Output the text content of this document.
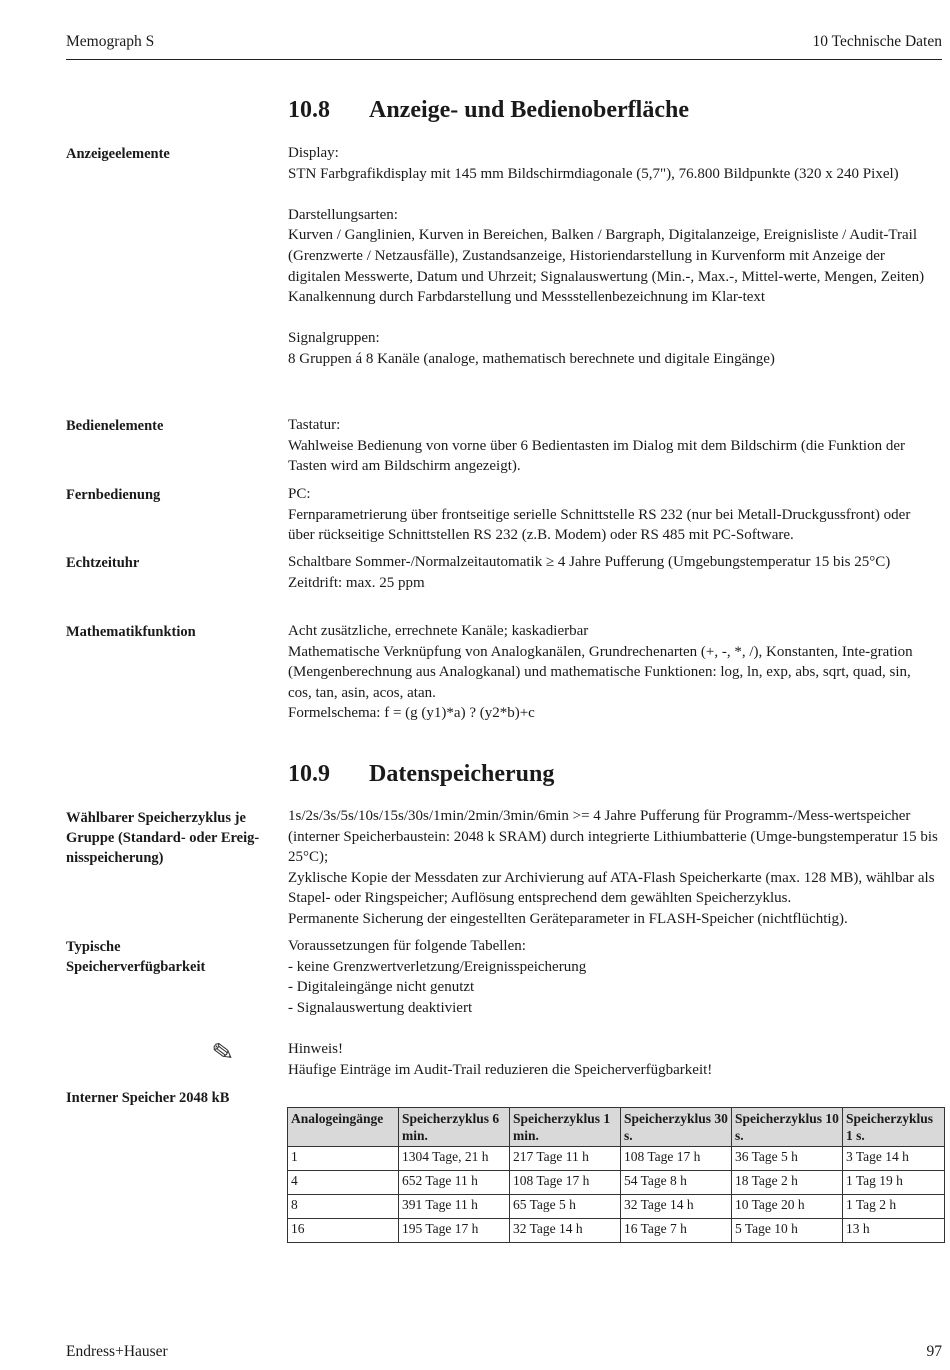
Memograph S	10 Technische Daten
10.8 Anzeige- und Bedienoberfläche
Anzeigeelemente	Display:

STN Farbgrafikdisplay mit 145 mm Bildschirmdiagonale (5,7"), 76.800 Bildpunkte (320 x 240 Pixel)

Darstellungsarten:

Kurven / Ganglinien, Kurven in Bereichen, Balken / Bargraph, Digitalanzeige, Ereignisliste / Audit-Trail (Grenzwerte / Netzausfälle), Zustandsanzeige, Historiendarstellung in Kurvenform mit Anzeige der digitalen Messwerte, Datum und Uhrzeit; Signalauswertung (Min.-, Max.-, Mittel-werte, Mengen, Zeiten) Kanalkennung durch Farbdarstellung und Messstellenbezeichnung im Klar-text

Signalgruppen:

8 Gruppen á 8 Kanäle (analoge, mathematisch berechnete und digitale Eingänge)

Bedienelemente	Tastatur:

Wahlweise Bedienung von vorne über 6 Bedientasten im Dialog mit dem Bildschirm (die Funktion der Tasten wird am Bildschirm angezeigt).

Fernbedienung	PC:

Fernparametrierung über frontseitige serielle Schnittstelle RS 232 (nur bei Metall-Druckgussfront) oder über rückseitige Schnittstellen RS 232 (z.B. Modem) oder RS 485 mit PC-Software.

Echtzeituhr	Schaltbare Sommer-/Normalzeitautomatik ≥ 4 Jahre Pufferung (Umgebungstemperatur 15 bis 25°C)

Zeitdrift: max. 25 ppm

Mathematikfunktion	Acht zusätzliche, errechnete Kanäle; kaskadierbar

Mathematische Verknüpfung von Analogkanälen, Grundrechenarten (+, -, *, /), Konstanten, Inte-gration (Mengenberechnung aus Analogkanal) und mathematische Funktionen: log, ln, exp, abs, sqrt, quad, sin, cos, tan, asin, acos, atan.

Formelschema: f = (g (y1)*a) ? (y2*b)+c

10.9 Datenspeicherung
Wählbarer Speicherzyklus je Gruppe (Standard- oder Ereig-nisspeicherung)

1s/2s/3s/5s/10s/15s/30s/1min/2min/3min/6min >= 4 Jahre Pufferung für Programm-/Mess-wertspeicher (interner Speicherbaustein: 2048 k SRAM) durch integrierte Lithiumbatterie (Umge-bungstemperatur 15 bis 25°C);

Zyklische Kopie der Messdaten zur Archivierung auf ATA-Flash Speicherkarte (max. 128 MB), wählbar als Stapel- oder Ringspeicher; Auflösung entsprechend dem gewählten Speicherzyklus.

Permanente Sicherung der eingestellten Geräteparameter in FLASH-Speicher (nichtflüchtig).

Typische Speicherverfügbarkeit

Voraussetzungen für folgende Tabellen:

- keine Grenzwertverletzung/Ereignisspeicherung

- Digitaleingänge nicht genutzt

- Signalauswertung deaktiviert

✎	Hinweis!

Häufige Einträge im Audit-Trail reduzieren die Speicherverfügbarkeit!

Interner Speicher 2048 kB
Analogeingänge	Speicherzyklus 6 min.	Speicherzyklus 1 min.	Speicherzyklus 30 s.	Speicherzyklus 10 s.	Speicherzyklus 1 s.
1	1304 Tage, 21 h	217 Tage 11 h	108 Tage 17 h	36 Tage 5 h	3 Tage 14 h
4	652 Tage 11 h	108 Tage 17 h	54 Tage 8 h	18 Tage 2 h	1 Tag 19 h
8	391 Tage 11 h	65 Tage 5 h	32 Tage 14 h	10 Tage 20 h	1 Tag 2 h
16	195 Tage 17 h	32 Tage 14 h	16 Tage 7 h	5 Tage 10 h	13 h
Endress+Hauser	97
